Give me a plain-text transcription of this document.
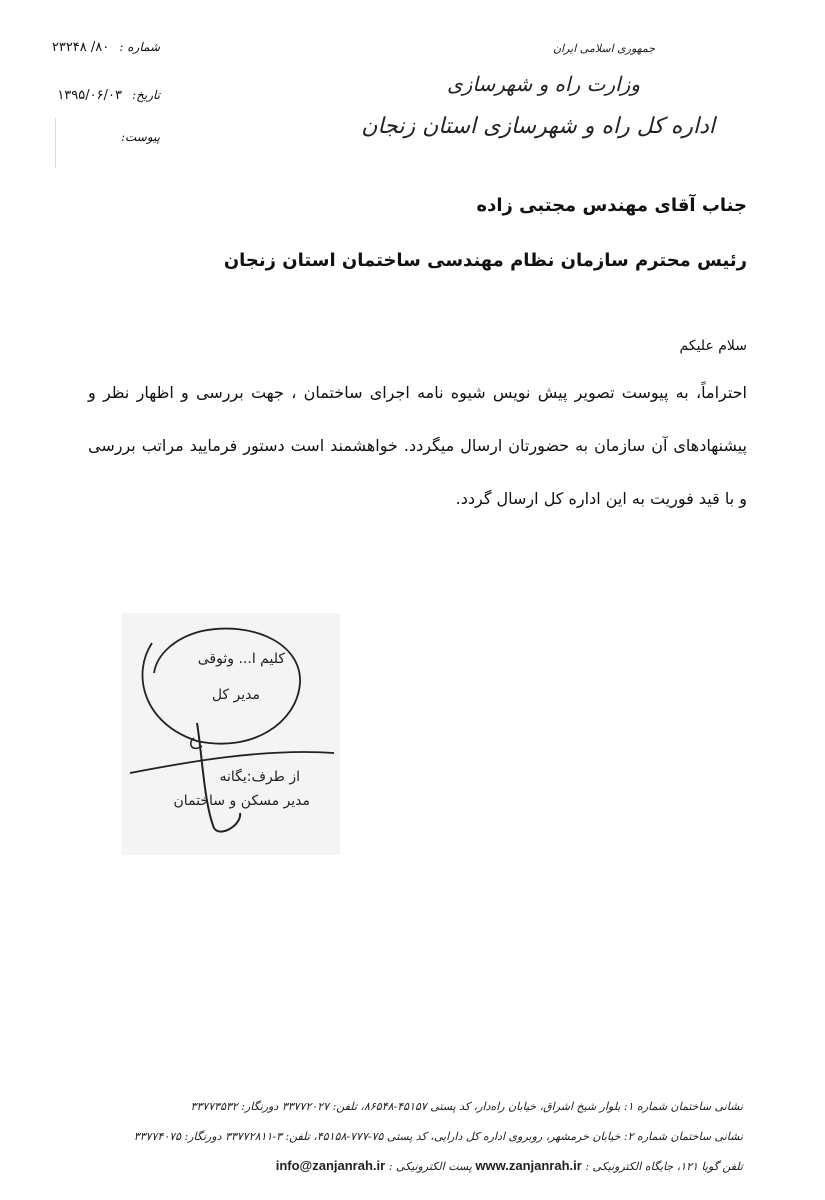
شماره : ۸۰/ ۲۳۲۴۸
تاریخ: ۱۳۹۵/۰۶/۰۳
پیوست:
جمهوری اسلامی ایران
وزارت راه و شهرسازی
اداره کل راه و شهرسازی استان زنجان
جناب آقای مهندس مجتبی زاده
رئیس محترم سازمان نظام مهندسی ساختمان استان زنجان
سلام علیکم
احتراماً، به پیوست تصویر پیش نویس شیوه نامه اجرای ساختمان ، جهت بررسی و اظهار نظر و پیشنهادهای آن سازمان به حضورتان ارسال میگردد. خواهشمند است دستور فرمایید مراتب بررسی و با قید فوریت به این اداره کل ارسال گردد.
کلیم ا... وثوقی
مدیر کل
از طرف:یگانه
مدیر مسکن و ساختمان
نشانی ساختمان شماره ۱: بلوار شیخ اشراق، خیابان راه‌دار، کد پستی ۴۵۱۵۷-۸۶۵۴۸، تلفن: ۳۳۷۷۲۰۲۷ دورنگار: ۳۳۷۷۳۵۳۲
نشانی ساختمان شماره ۲: خیابان خرمشهر، روبروی اداره کل دارایی، کد پستی ۷۵-۷۷۷-۴۵۱۵۸، تلفن: ۳-۳۳۷۷۲۸۱۱ دورنگار: ۳۳۷۷۴۰۷۵
تلفن گویا ۱۲۱، جایگاه الکترونیکی : www.zanjanrah.ir پست الکترونیکی : info@zanjanrah.ir
